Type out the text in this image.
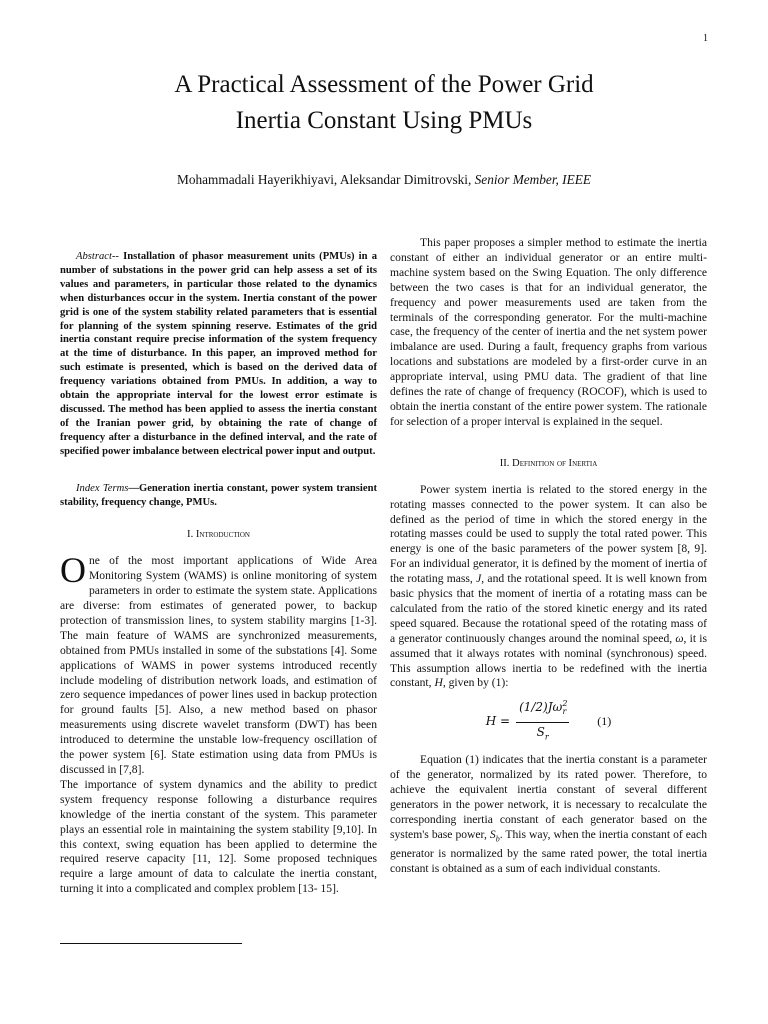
1
A Practical Assessment of the Power Grid
Inertia Constant Using PMUs
Mohammadali Hayerikhiyavi, Aleksandar Dimitrovski, Senior Member, IEEE

Abstract-- Installation of phasor measurement units (PMUs) in a number of substations in the power grid can help assess a set of its values and parameters, in particular those related to the dynamics when disturbances occur in the system. Inertia constant of the power grid is one of the system stability related parameters that is essential for planning of the system spinning reserve. Estimates of the grid inertia constant require precise information of the system frequency at the time of disturbance. In this paper, an improved method for such estimate is presented, which is based on the derived data of frequency variations obtained from PMUs. In addition, a way to obtain the appropriate interval for the lowest error estimate is discussed. The method has been applied to assess the inertia constant of the Iranian power grid, by obtaining the rate of change of frequency after a disturbance in the defined interval, and the rate of specified power imbalance between electrical power input and output.

Index Terms—Generation inertia constant, power system transient stability, frequency change, PMUs.

I. Introduction

One of the most important applications of Wide Area Monitoring System (WAMS) is online monitoring of system parameters in order to estimate the system state. Applications are diverse: from estimates of generated power, to backup protection of transmission lines, to system stability margins [1-3]. The main feature of WAMS are synchronized measurements, obtained from PMUs installed in some of the substations [4]. Some applications of WAMS in power systems introduced recently include modeling of distribution network loads, and estimation of zero sequence impedances of power lines used in backup protection for ground faults [5]. Also, a new method based on phasor measurements using discrete wavelet transform (DWT) has been introduced to determine the unstable low-frequency oscillation of the power system [6]. State estimation using data from PMUs is discussed in [7,8].

The importance of system dynamics and the ability to predict system frequency response following a disturbance requires knowledge of the inertia constant of the system. This parameter plays an essential role in maintaining the system stability [9,10]. In this context, swing equation has been applied to determine the required reserve capacity [11, 12]. Some proposed techniques require a large amount of data to calculate the inertia constant, turning it into a complicated and complex problem [13- 15].

This paper proposes a simpler method to estimate the inertia constant of either an individual generator or an entire multi-machine system based on the Swing Equation. The only difference between the two cases is that for an individual generator, the frequency and power measurements used are taken from the terminals of the corresponding generator. For the multi-machine case, the frequency of the center of inertia and the net system power imbalance are used. During a fault, frequency graphs from various locations and substations are modeled by a first-order curve in an appropriate interval, using PMU data. The gradient of that line defines the rate of change of frequency (ROCOF), which is used to obtain the inertia constant of the entire power system. The rationale for selection of a proper interval is explained in the sequel.

II. Definition of Inertia

Power system inertia is related to the stored energy in the rotating masses connected to the power system. It can also be defined as the period of time in which the stored energy in the rotating masses could be used to supply the total rated power. This energy is one of the basic parameters of the power system [8, 9]. For an individual generator, it is defined by the moment of inertia of the rotating mass, J, and the rotational speed. It is well known from basic physics that the moment of inertia of a rotating mass can be calculated from the ratio of the stored kinetic energy and its rated speed squared. Because the rotational speed of the rotating mass of a generator continuously changes around the nominal speed, ω, it is assumed that it always rotates with nominal (synchronous) speed. This assumption allows inertia to be redefined with the inertia constant, H, given by (1):

$H = \frac{(1/2)J\omega^2_r}{S_r} (1)$

Equation (1) indicates that the inertia constant is a parameter of the generator, normalized by its rated power. Therefore, to achieve the equivalent inertia constant of several different generators in the power network, it is necessary to recalculate the corresponding inertia constant of each generator based on the system's base power, $S_b$. This way, when the inertia constant of each generator is normalized by the same rated power, the total inertia constant is obtained as a sum of each individual constants.
